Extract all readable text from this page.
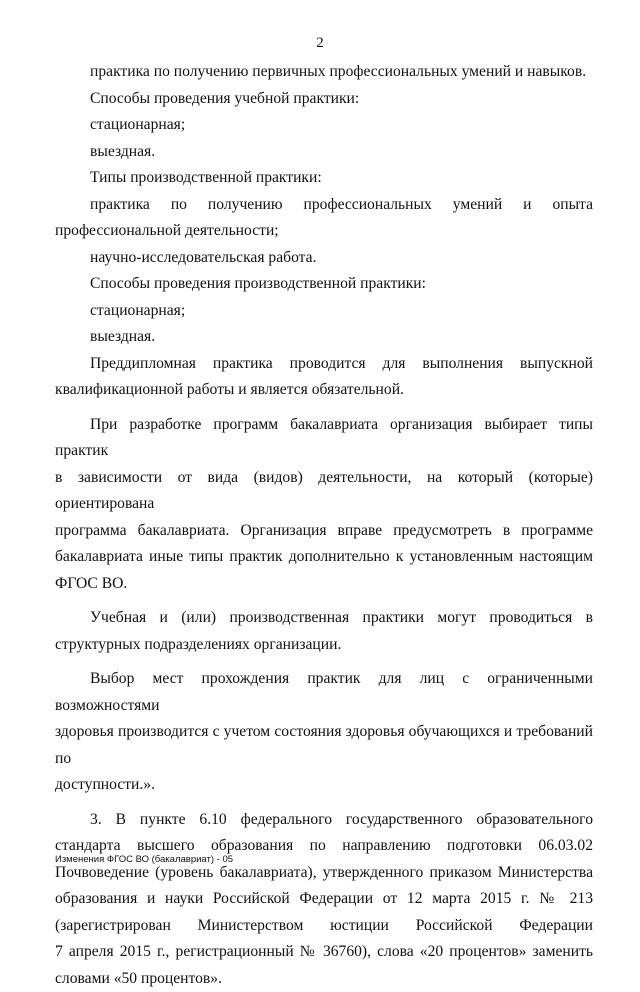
2

практика по получению первичных профессиональных умений и навыков.

Способы проведения учебной практики:

стационарная;

выездная.

Типы производственной практики:

практика по получению профессиональных умений и опыта

профессиональной деятельности;

научно-исследовательская работа.

Способы проведения производственной практики:

стационарная;

выездная.

Преддипломная практика проводится для выполнения выпускной

квалификационной работы и является обязательной.

При разработке программ бакалавриата организация выбирает типы практик

в зависимости от вида (видов) деятельности, на который (которые) ориентирована

программа бакалавриата. Организация вправе предусмотреть в программе

бакалавриата иные типы практик дополнительно к установленным настоящим

ФГОС ВО.

Учебная и (или) производственная практики могут проводиться в

структурных подразделениях организации.

Выбор мест прохождения практик для лиц с ограниченными возможностями

здоровья производится с учетом состояния здоровья обучающихся и требований по

доступности.».

3. В пункте 6.10 федерального государственного образовательного

стандарта высшего образования по направлению подготовки 06.03.02

Почвоведение (уровень бакалавриата), утвержденного приказом Министерства

образования и науки Российской Федерации от 12 марта 2015 г. № 213

(зарегистрирован Министерством юстиции Российской Федерации

7 апреля 2015 г., регистрационный № 36760), слова «20 процентов» заменить

словами «50 процентов».

Изменения ФГОС ВО (бакалавриат) - 05
